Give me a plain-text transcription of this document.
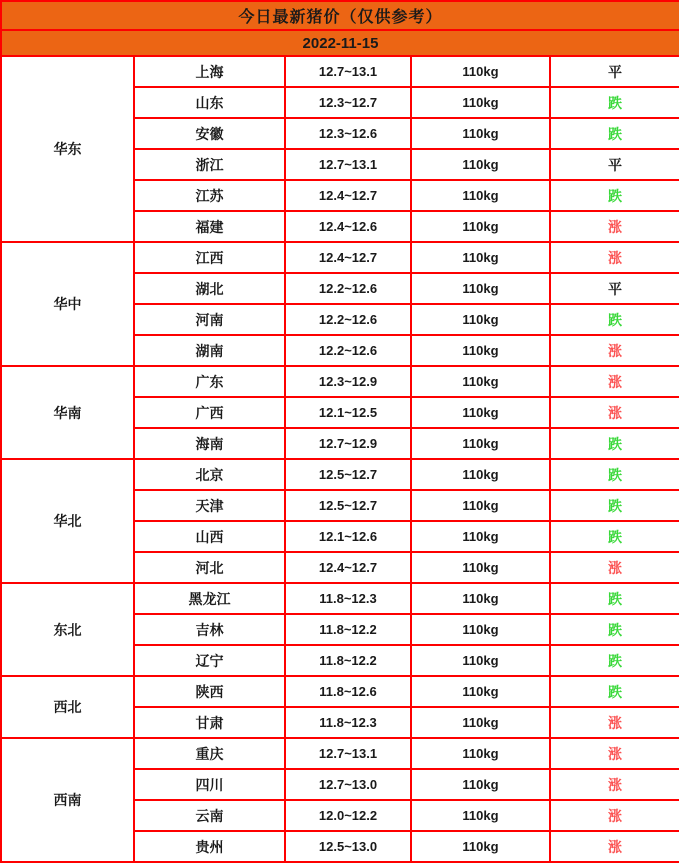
今日最新猪价（仅供参考）				
2022-11-15				
华东	上海	12.7~13.1	110kg	平
	山东	12.3~12.7	110kg	跌
	安徽	12.3~12.6	110kg	跌
	浙江	12.7~13.1	110kg	平
	江苏	12.4~12.7	110kg	跌
	福建	12.4~12.6	110kg	涨
华中	江西	12.4~12.7	110kg	涨
	湖北	12.2~12.6	110kg	平
	河南	12.2~12.6	110kg	跌
	湖南	12.2~12.6	110kg	涨
华南	广东	12.3~12.9	110kg	涨
	广西	12.1~12.5	110kg	涨
	海南	12.7~12.9	110kg	跌
华北	北京	12.5~12.7	110kg	跌
	天津	12.5~12.7	110kg	跌
	山西	12.1~12.6	110kg	跌
	河北	12.4~12.7	110kg	涨
东北	黑龙江	11.8~12.3	110kg	跌
	吉林	11.8~12.2	110kg	跌
	辽宁	11.8~12.2	110kg	跌
西北	陕西	11.8~12.6	110kg	跌
	甘肃	11.8~12.3	110kg	涨
西南	重庆	12.7~13.1	110kg	涨
	四川	12.7~13.0	110kg	涨
	云南	12.0~12.2	110kg	涨
	贵州	12.5~13.0	110kg	涨
